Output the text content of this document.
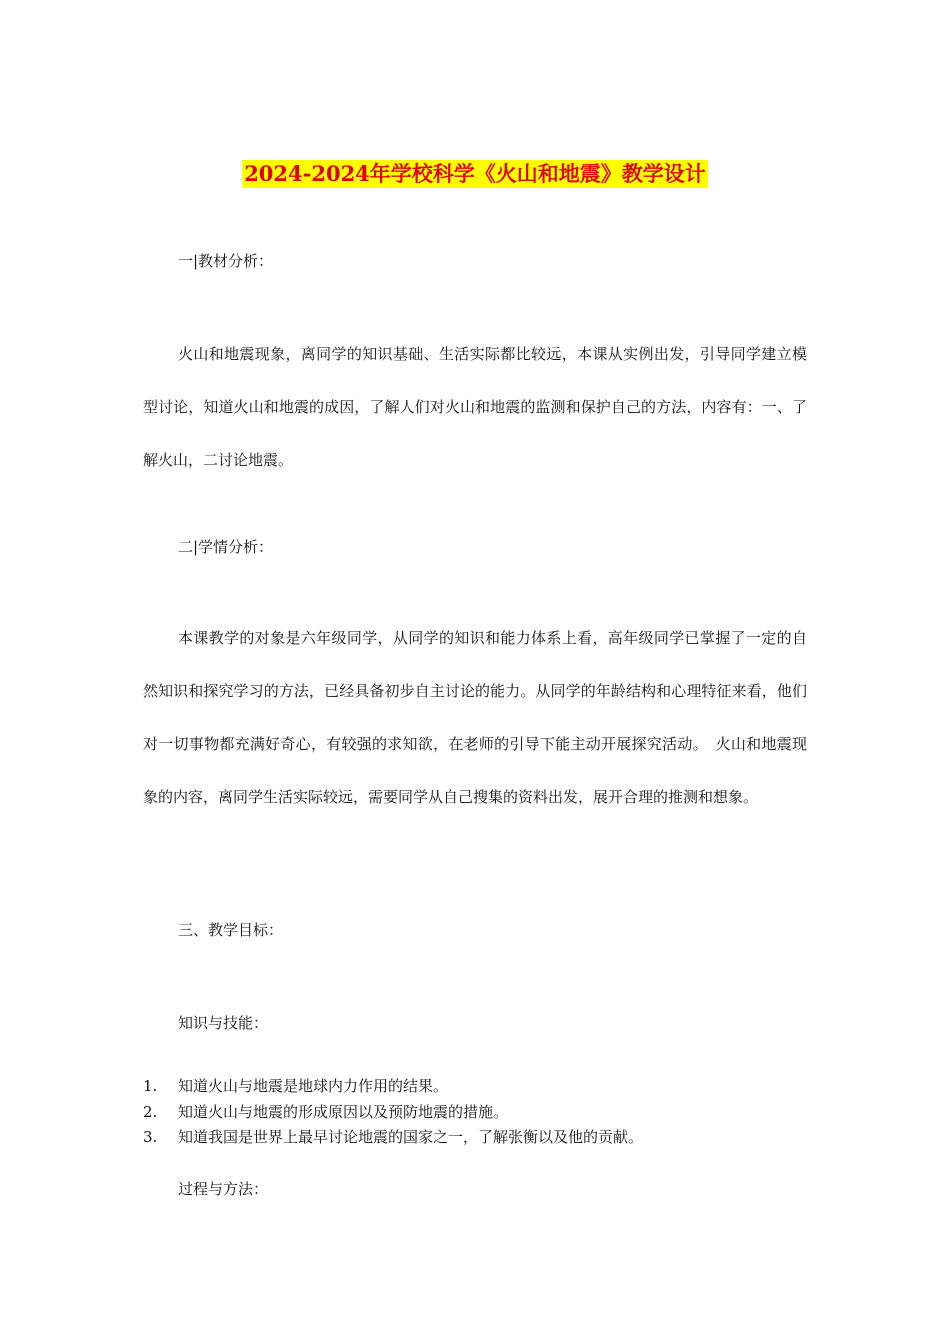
2024-2024年学校科学《火山和地震》教学设计
一|教材分析：

火山和地震现象，离同学的知识基础、生活实际都比较远，本课从实例出发，引导同学建立模型讨论，知道火山和地震的成因，了解人们对火山和地震的监测和保护自己的方法，内容有：一、了解火山，二讨论地震。

二|学情分析：

本课教学的对象是六年级同学，从同学的知识和能力体系上看，高年级同学已掌握了一定的自然知识和探究学习的方法，已经具备初步自主讨论的能力。从同学的年龄结构和心理特征来看，他们对一切事物都充满好奇心，有较强的求知欲，在老师的引导下能主动开展探究活动。　火山和地震现象的内容，离同学生活实际较远，需要同学从自己搜集的资料出发，展开合理的推测和想象。

三、教学目标：
知识与技能：
1. 知道火山与地震是地球内力作用的结果。
2. 知道火山与地震的形成原因以及预防地震的措施。
3. 知道我国是世界上最早讨论地震的国家之一，了解张衡以及他的贡献。
过程与方法：
